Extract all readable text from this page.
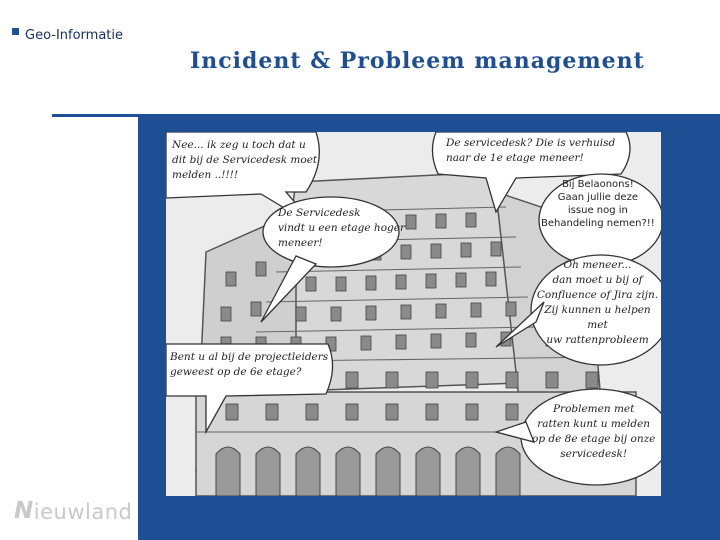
Geo-Informatie
N ieuwland
Incident & Probleem management
Nee... ik zeg u toch dat u
dit bij de Servicedesk moet
melden ..!!!!
De servicedesk? Die is verhuisd
naar de 1e etage meneer!
Bij Belaonons!
Gaan jullie deze
issue nog in
Behandeling nemen?!!
De Servicedesk
vindt u een etage hoger
meneer!
Oh meneer...
dan moet u bij of
Confluence of Jira zijn.
Zij kunnen u helpen met
uw rattenprobleem
Bent u al bij de projectleiders
geweest op de 6e etage?
Problemen met
ratten kunt u melden
op de 8e etage bij onze
servicedesk!
